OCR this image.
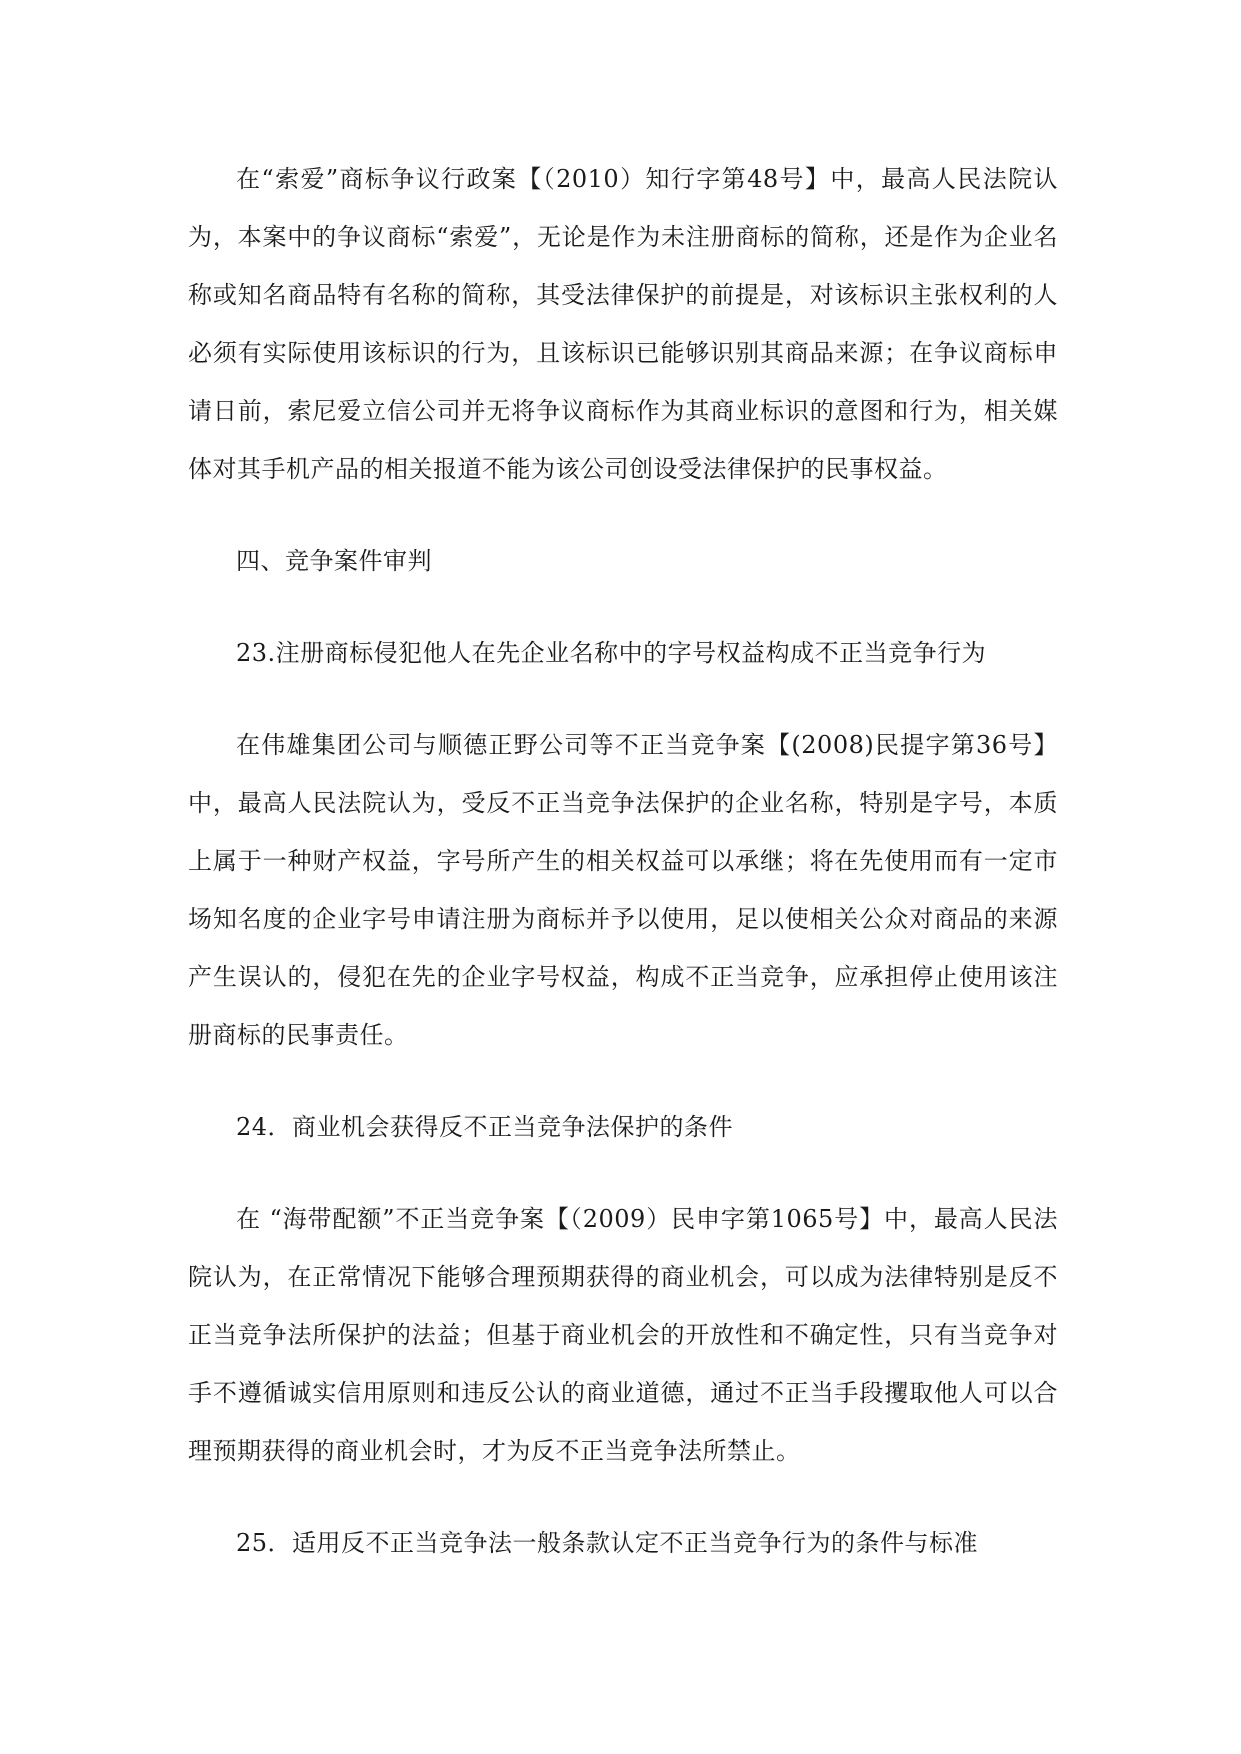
在“索爱”商标争议行政案【（2010）知行字第48号】中，最高人民法院认为，本案中的争议商标“索爱”，无论是作为未注册商标的简称，还是作为企业名称或知名商品特有名称的简称，其受法律保护的前提是，对该标识主张权利的人必须有实际使用该标识的行为，且该标识已能够识别其商品来源；在争议商标申请日前，索尼爱立信公司并无将争议商标作为其商业标识的意图和行为，相关媒体对其手机产品的相关报道不能为该公司创设受法律保护的民事权益。

四、竞争案件审判

23.注册商标侵犯他人在先企业名称中的字号权益构成不正当竞争行为

在伟雄集团公司与顺德正野公司等不正当竞争案【(2008)民提字第36号】中，最高人民法院认为，受反不正当竞争法保护的企业名称，特别是字号，本质上属于一种财产权益，字号所产生的相关权益可以承继；将在先使用而有一定市场知名度的企业字号申请注册为商标并予以使用，足以使相关公众对商品的来源产生误认的，侵犯在先的企业字号权益，构成不正当竞争，应承担停止使用该注册商标的民事责任。

24．商业机会获得反不正当竞争法保护的条件

在 “海带配额”不正当竞争案【（2009）民申字第1065号】中，最高人民法院认为，在正常情况下能够合理预期获得的商业机会，可以成为法律特别是反不正当竞争法所保护的法益；但基于商业机会的开放性和不确定性，只有当竞争对手不遵循诚实信用原则和违反公认的商业道德，通过不正当手段攫取他人可以合理预期获得的商业机会时，才为反不正当竞争法所禁止。

25．适用反不正当竞争法一般条款认定不正当竞争行为的条件与标准
